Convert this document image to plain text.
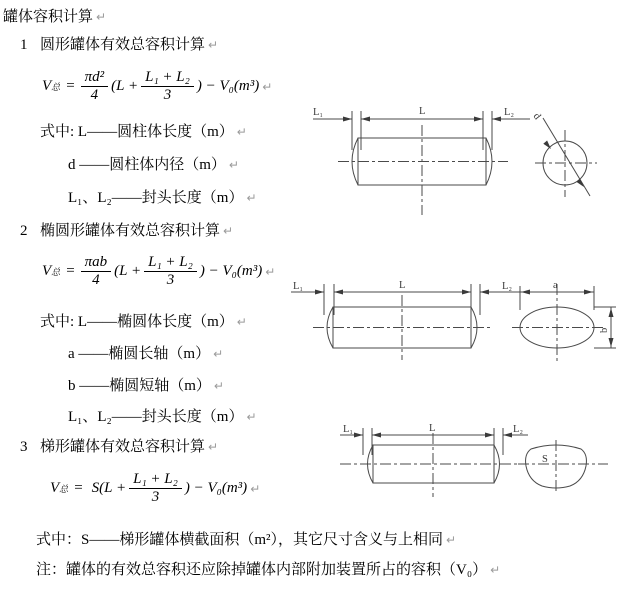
罐体容积计算 ↵
1 圆形罐体有效总容积计算 ↵
V 总 = $\frac{\text{πd²}}{4} (L + \frac{\text{L₁ + L₂}}{3}$ ) − V₀(m³) ↵
式中: L——圆柱体长度（m） ↵
d ——圆柱体内径（m） ↵
L₁、L₂——封头长度（m） ↵
2 椭圆形罐体有效总容积计算 ↵
V 总 = $\frac{\text{πab}}{4} (L + \frac{\text{L₁ + L₂}}{3}$ ) − V₀(m³) ↵
式中: L——椭圆体长度（m） ↵
a ——椭圆长轴（m） ↵
b ——椭圆短轴（m） ↵
L₁、L₂——封头长度（m） ↵
3 梯形罐体有效总容积计算 ↵
V 总 = $S(L + \frac{\text{L₁ + L₂}}{3}$ ) − V₀(m³) ↵
式中：S——梯形罐体横截面积（m²），其它尺寸含义与上相同 ↵
注：罐体的有效总容积还应除掉罐体内部附加装置所占的容积（V₀） ↵
L₁	L	L₂ d
L₁	L	L₂	a
b
L₁	L	L₂
S
